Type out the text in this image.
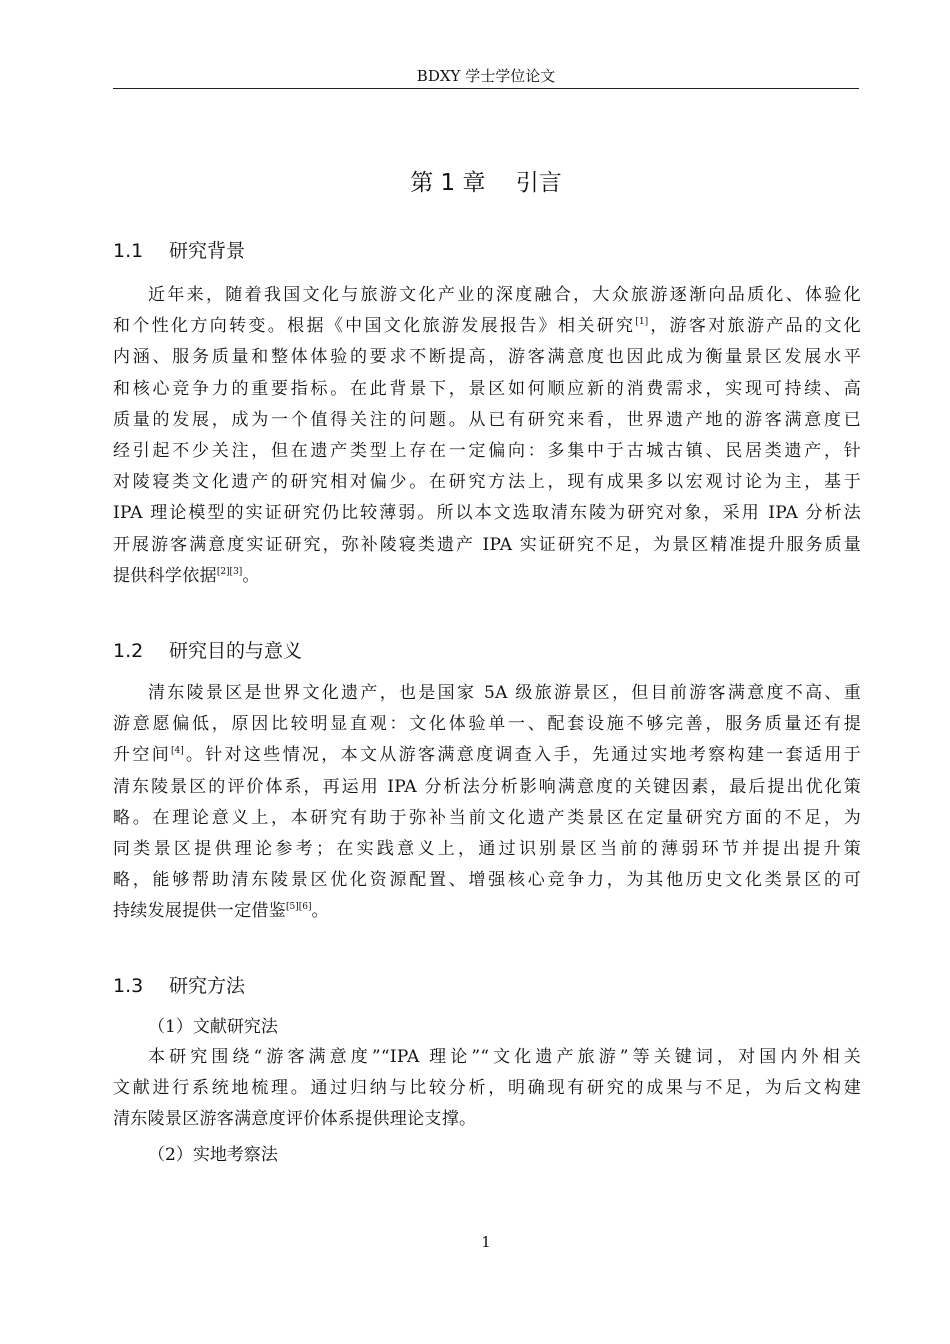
BDXY 学士学位论文
第 1 章　 引言
1.1 研究背景
近年来，随着我国文化与旅游文化产业的深度融合，大众旅游逐渐向品质化、体验化
和个性化方向转变。根据《中国文化旅游发展报告》相关研究[1]，游客对旅游产品的文化
内涵、服务质量和整体体验的要求不断提高，游客满意度也因此成为衡量景区发展水平
和核心竞争力的重要指标。在此背景下，景区如何顺应新的消费需求，实现可持续、高
质量的发展，成为一个值得关注的问题。从已有研究来看，世界遗产地的游客满意度已
经引起不少关注，但在遗产类型上存在一定偏向：多集中于古城古镇、民居类遗产，针
对陵寝类文化遗产的研究相对偏少。在研究方法上，现有成果多以宏观讨论为主，基于
IPA 理论模型的实证研究仍比较薄弱。所以本文选取清东陵为研究对象，采用 IPA 分析法
开展游客满意度实证研究，弥补陵寝类遗产 IPA 实证研究不足，为景区精准提升服务质量
提供科学依据[2][3]。
1.2 研究目的与意义
清东陵景区是世界文化遗产，也是国家 5A 级旅游景区，但目前游客满意度不高、重
游意愿偏低，原因比较明显直观：文化体验单一、配套设施不够完善，服务质量还有提
升空间[4]。针对这些情况，本文从游客满意度调查入手，先通过实地考察构建一套适用于
清东陵景区的评价体系，再运用 IPA 分析法分析影响满意度的关键因素，最后提出优化策
略。在理论意义上，本研究有助于弥补当前文化遗产类景区在定量研究方面的不足，为
同类景区提供理论参考；在实践意义上，通过识别景区当前的薄弱环节并提出提升策
略，能够帮助清东陵景区优化资源配置、增强核心竞争力，为其他历史文化类景区的可
持续发展提供一定借鉴[5][6]。
1.3 研究方法
（1）文献研究法
本研究围绕“游客满意度”“IPA 理论”“文化遗产旅游”等关键词，对国内外相关
文献进行系统地梳理。通过归纳与比较分析，明确现有研究的成果与不足，为后文构建
清东陵景区游客满意度评价体系提供理论支撑。
（2）实地考察法
1
